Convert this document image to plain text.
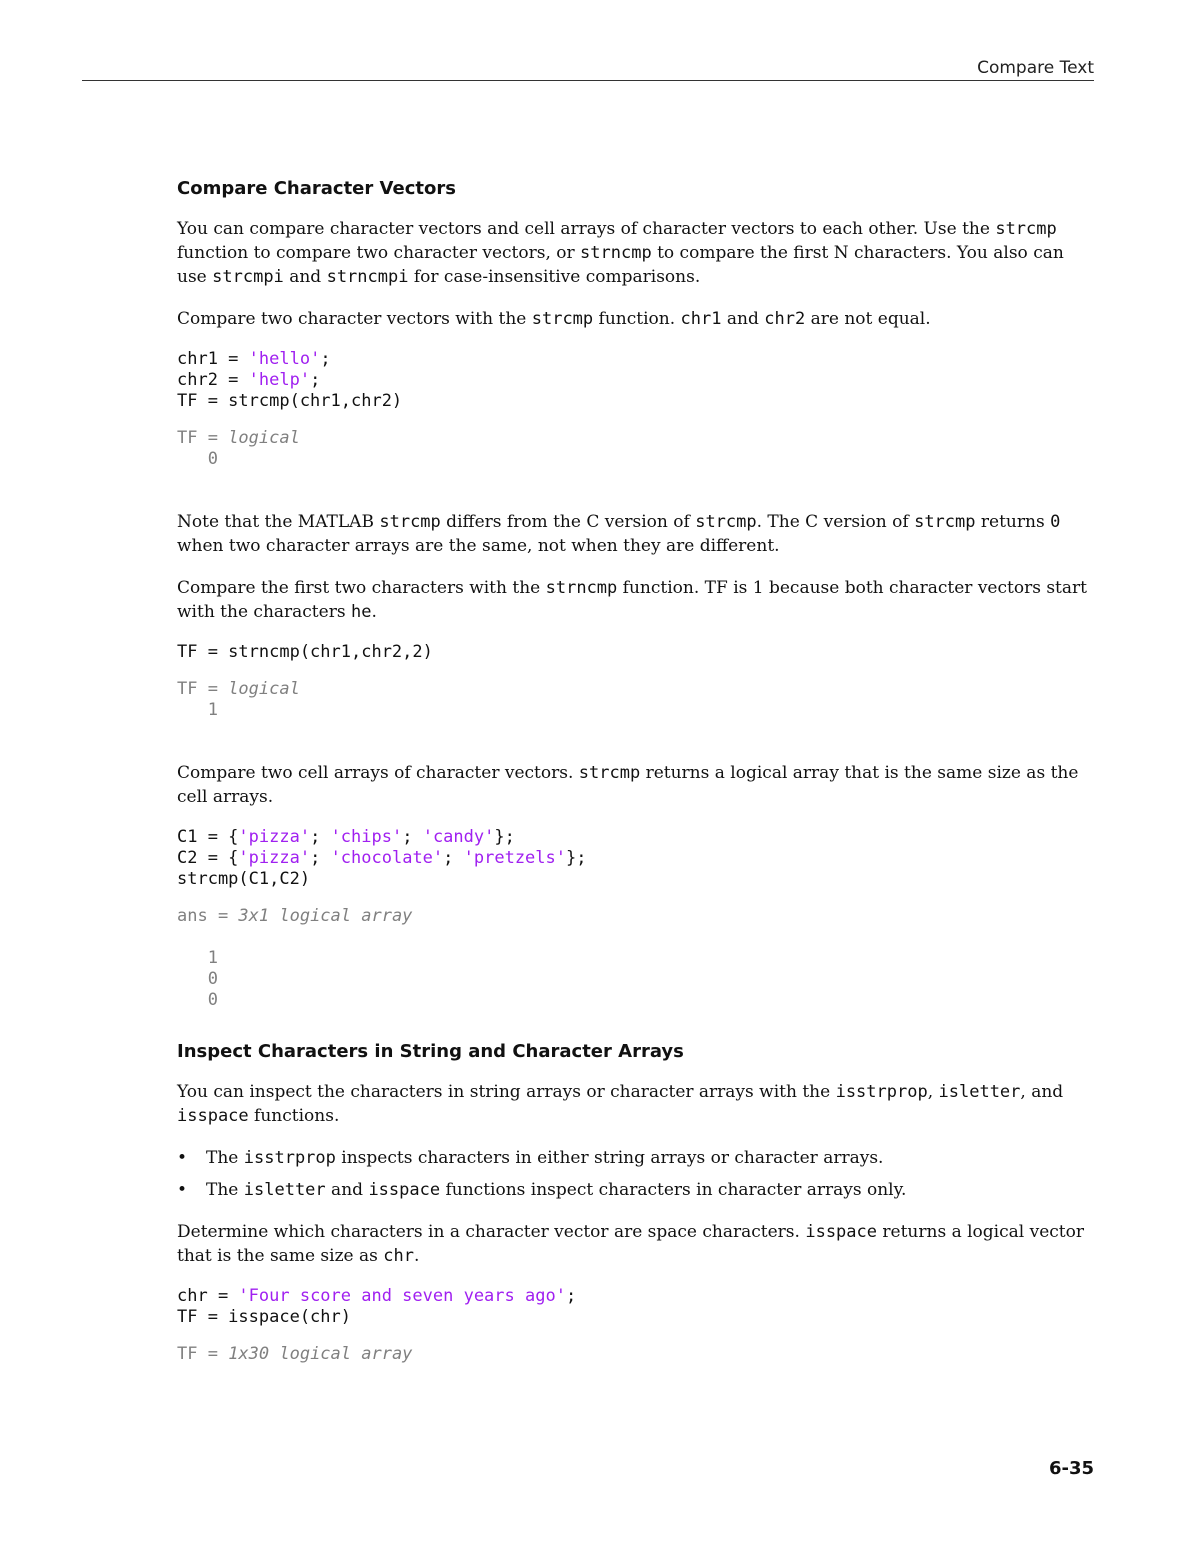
Compare Text
Compare Character Vectors

You can compare character vectors and cell arrays of character vectors to each other. Use the strcmp function to compare two character vectors, or strncmp to compare the first N characters. You also can use strcmpi and strncmpi for case-insensitive comparisons.

Compare two character vectors with the strcmp function. chr1 and chr2 are not equal.

chr1 = 'hello';
chr2 = 'help';
TF = strcmp(chr1,chr2)
TF = logical
0

Note that the MATLAB strcmp differs from the C version of strcmp. The C version of strcmp returns 0 when two character arrays are the same, not when they are different.

Compare the first two characters with the strncmp function. TF is 1 because both character vectors start with the characters he.

TF = strncmp(chr1,chr2,2)
TF = logical
1

Compare two cell arrays of character vectors. strcmp returns a logical array that is the same size as the cell arrays.

C1 = {'pizza'; 'chips'; 'candy'};
C2 = {'pizza'; 'chocolate'; 'pretzels'};
strcmp(C1,C2)
ans = 3x1 logical array

1
0
0
Inspect Characters in String and Character Arrays

You can inspect the characters in string arrays or character arrays with the isstrprop, isletter, and isspace functions.

• The isstrprop inspects characters in either string arrays or character arrays.
• The isletter and isspace functions inspect characters in character arrays only.

Determine which characters in a character vector are space characters. isspace returns a logical vector that is the same size as chr.

chr = 'Four score and seven years ago';
TF = isspace(chr)
TF = 1x30 logical array
6-35
